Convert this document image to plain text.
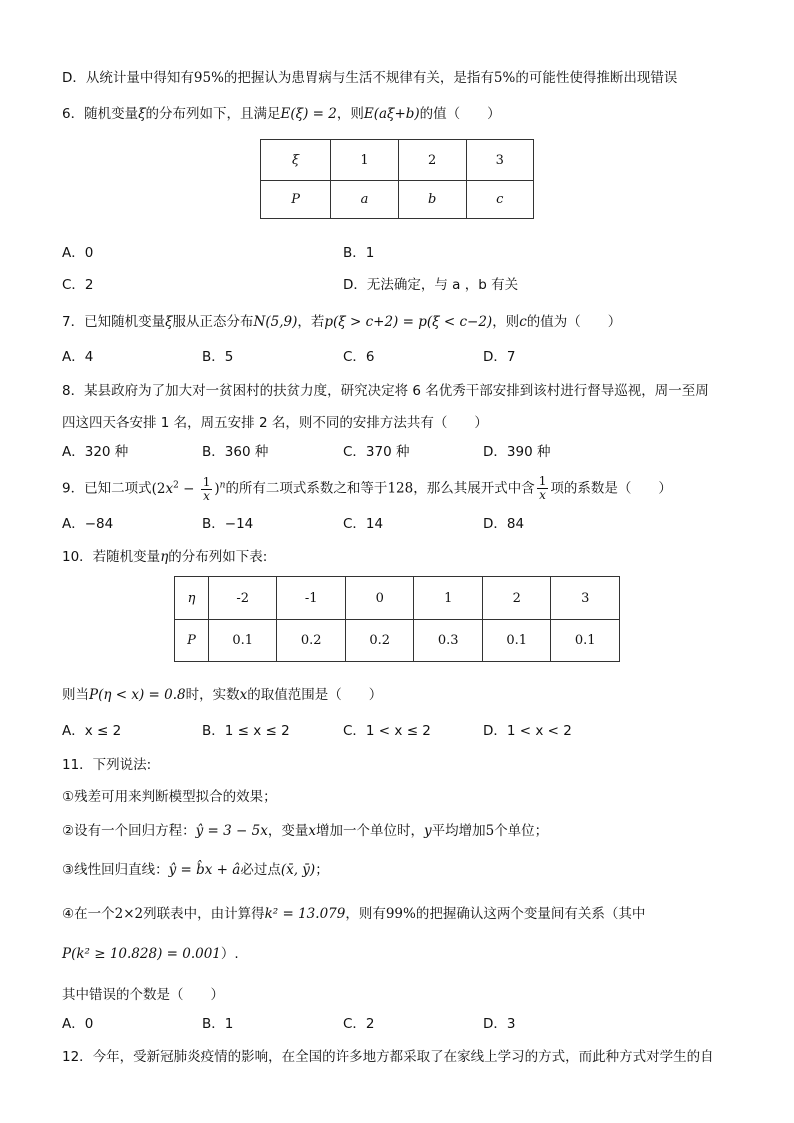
D．从统计量中得知有95%的把握认为患胃病与生活不规律有关，是指有5%的可能性使得推断出现错误
6．随机变量ξ的分布列如下，且满足E(ξ) = 2，则E(aξ+b)的值（　　）
ξ	1	2	3
P	a	b	c
A．0	B．1
C．2	D．无法确定，与 a ，b 有关
7．已知随机变量ξ服从正态分布N(5,9)，若p(ξ > c+2) = p(ξ < c−2)，则c的值为（　　）
A．4	B．5	C．6	D．7
8．某县政府为了加大对一贫困村的扶贫力度，研究决定将 6 名优秀干部安排到该村进行督导巡视，周一至周
四这四天各安排 1 名，周五安排 2 名，则不同的安排方法共有（　　）
A．320 种	B．360 种	C．370 种	D．390 种
9．已知二项式$(2x^2 - \frac{1}{x} )^n$的所有二项式系数之和等于128，那么其展开式中含 $\frac{1}{x}$ 项的系数是（　　）
A．−84	B．−14	C．14	D．84
10．若随机变量η的分布列如下表:
η	-2	-1	0	1	2	3
P	0.1	0.2	0.2	0.3	0.1	0.1
则当P(η < x) = 0.8时，实数x的取值范围是（　　）
A．x ≤ 2	B．1 ≤ x ≤ 2	C．1 < x ≤ 2	D．1 < x < 2
11．下列说法:
①残差可用来判断模型拟合的效果；
②设有一个回归方程：ŷ = 3 − 5x，变量x增加一个单位时，y平均增加5个单位；
③线性回归直线：ŷ = b̂x + â必过点(x̄, ȳ)；
④在一个2×2列联表中，由计算得k² = 13.079，则有99%的把握确认这两个变量间有关系（其中
P(k² ≥ 10.828) = 0.001）.
其中错误的个数是（　　）
A．0	B．1	C．2	D．3
12．今年，受新冠肺炎疫情的影响，在全国的许多地方都采取了在家线上学习的方式，而此种方式对学生的自
